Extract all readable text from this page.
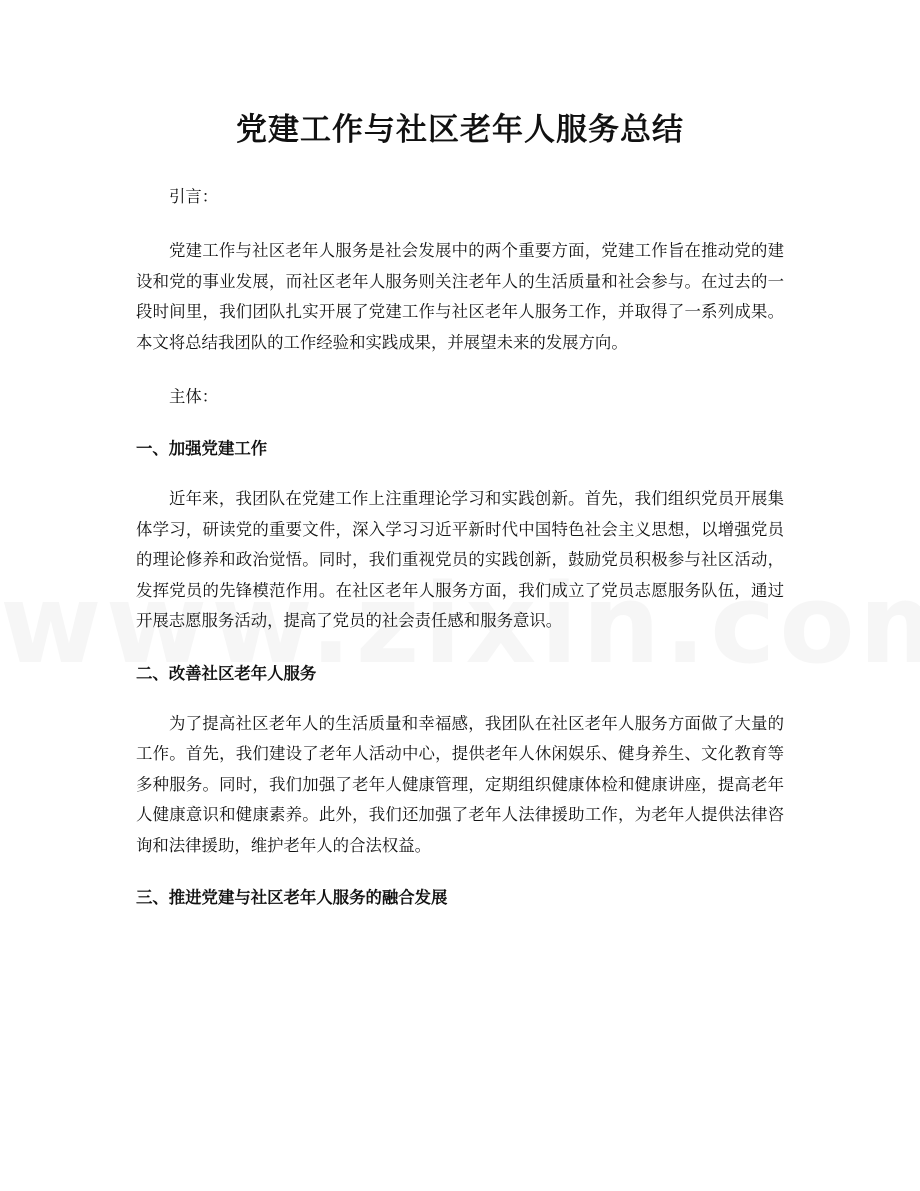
党建工作与社区老年人服务总结

引言：

党建工作与社区老年人服务是社会发展中的两个重要方面，党建工作旨在推动党的建设和党的事业发展，而社区老年人服务则关注老年人的生活质量和社会参与。在过去的一段时间里，我们团队扎实开展了党建工作与社区老年人服务工作，并取得了一系列成果。本文将总结我团队的工作经验和实践成果，并展望未来的发展方向。

主体：

一、加强党建工作

近年来，我团队在党建工作上注重理论学习和实践创新。首先，我们组织党员开展集体学习，研读党的重要文件，深入学习习近平新时代中国特色社会主义思想，以增强党员的理论修养和政治觉悟。同时，我们重视党员的实践创新，鼓励党员积极参与社区活动，发挥党员的先锋模范作用。在社区老年人服务方面，我们成立了党员志愿服务队伍，通过开展志愿服务活动，提高了党员的社会责任感和服务意识。

二、改善社区老年人服务

为了提高社区老年人的生活质量和幸福感，我团队在社区老年人服务方面做了大量的工作。首先，我们建设了老年人活动中心，提供老年人休闲娱乐、健身养生、文化教育等多种服务。同时，我们加强了老年人健康管理，定期组织健康体检和健康讲座，提高老年人健康意识和健康素养。此外，我们还加强了老年人法律援助工作，为老年人提供法律咨询和法律援助，维护老年人的合法权益。

三、推进党建与社区老年人服务的融合发展
